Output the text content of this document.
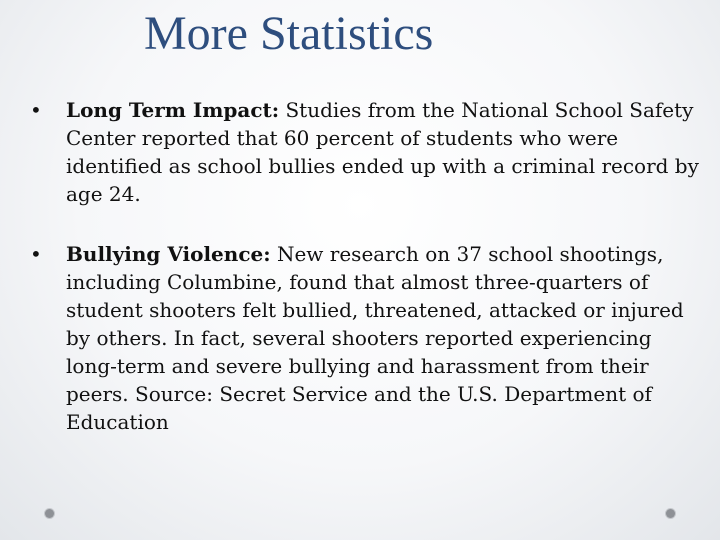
More Statistics
•	Long Term Impact: Studies from the National School Safety Center reported that 60 percent of students who were identified as school bullies ended up with a criminal record by age 24.
•	Bullying Violence: New research on 37 school shootings, including Columbine, found that almost three-quarters of student shooters felt bullied, threatened, attacked or injured by others. In fact, several shooters reported experiencing long-term and severe bullying and harassment from their peers. Source: Secret Service and the U.S. Department of Education
